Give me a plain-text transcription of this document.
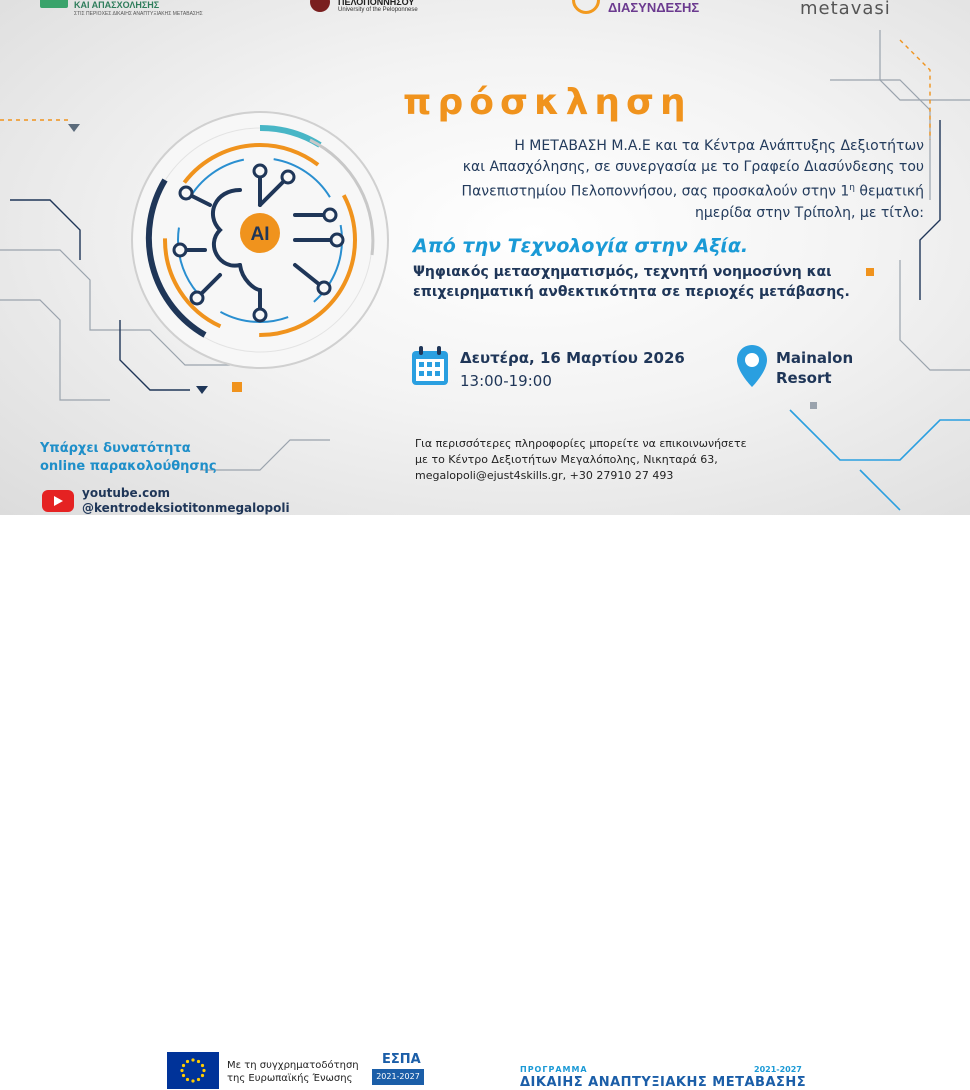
ΚΑΙ ΑΠΑΣΧΟΛΗΣΗΣ
ΣΤΙΣ ΠΕΡΙΟΧΕΣ ΔΙΚΑΙΗΣ ΑΝΑΠΤΥΞΙΑΚΗΣ ΜΕΤΑΒΑΣΗΣ
ΠΕΛΟΠΟΝΝΗΣΟΥ
University of the Peloponnese	ΔΙΑΣΥΝΔΕΣΗΣ	metavasi
AI
πρόσκληση
Η ΜΕΤΑΒΑΣΗ Μ.Α.Ε και τα Κέντρα Ανάπτυξης Δεξιοτήτων
και Απασχόλησης, σε συνεργασία με το Γραφείο Διασύνδεσης του
Πανεπιστημίου Πελοποννήσου, σας προσκαλούν στην $1^\eta$ θεματική
ημερίδα στην Τρίπολη, με τίτλο:
Από την Τεχνολογία στην Αξία.
Ψηφιακός μετασχηματισμός, τεχνητή νοημοσύνη και επιχειρηματική ανθεκτικότητα σε περιοχές μετάβασης.
Δευτέρα, 16 Μαρτίου 2026
13:00-19:00
Mainalon
Resort
Για περισσότερες πληροφορίες μπορείτε να επικοινωνήσετε
με το Κέντρο Δεξιοτήτων Μεγαλόπολης, Νικηταρά 63,
megalopoli@ejust4skills.gr, +30 27910 27 493
Υπάρχει δυνατότητα
online παρακολούθησης
youtube.com
@kentrodeksiotitonmegalopoli
Με τη συγχρηματοδότηση
της Ευρωπαϊκής Ένωσης
ΕΣΠΑ
2021-2027
ΠΡΟΓΡΑΜΜΑ	2021-2027
ΔΙΚΑΙΗΣ ΑΝΑΠΤΥΞΙΑΚΗΣ ΜΕΤΑΒΑΣΗΣ
